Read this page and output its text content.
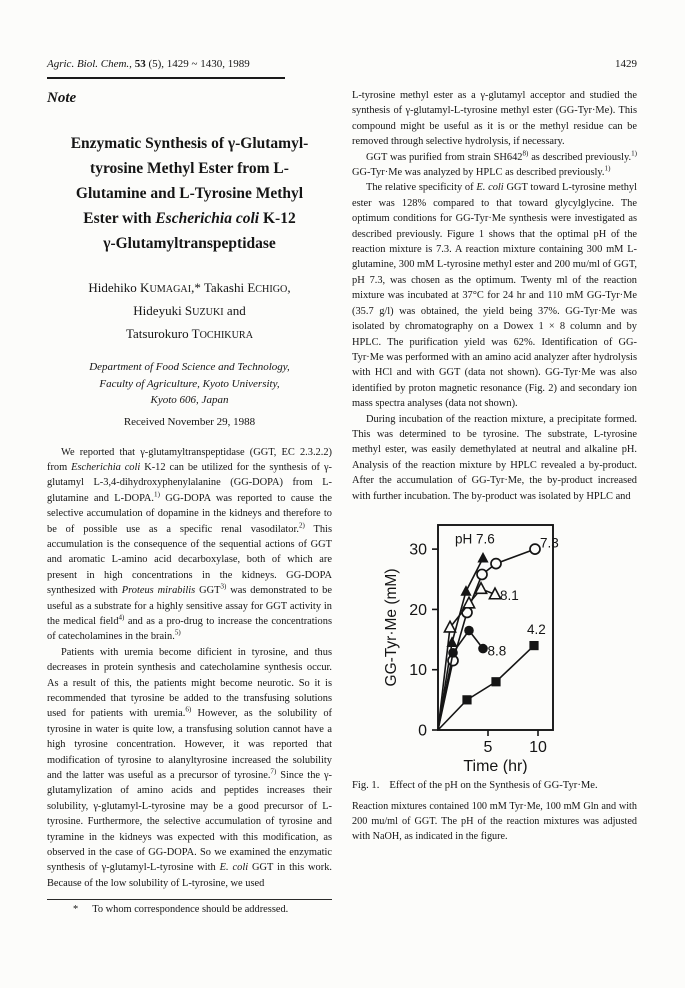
Agric. Biol. Chem., 53 (5), 1429 ~ 1430, 1989	1429
Note
Enzymatic Synthesis of γ-Glutamyl-
tyrosine Methyl Ester from L-
Glutamine and L-Tyrosine Methyl
Ester with Escherichia coli K-12
γ-Glutamyltranspeptidase
Hidehiko KUMAGAI,* Takashi ECHIGO,
Hideyuki SUZUKI and
Tatsurokuro TOCHIKURA
Department of Food Science and Technology,
Faculty of Agriculture, Kyoto University,
Kyoto 606, Japan
Received November 29, 1988

We reported that γ-glutamyltranspeptidase (GGT, EC 2.3.2.2) from Escherichia coli K-12 can be utilized for the synthesis of γ-glutamyl L-3,4-dihydroxyphenylalanine (GG-DOPA) from L-glutamine and L-DOPA.$^{1)}$ GG-DOPA was reported to cause the selective accumulation of dopamine in the kidneys and therefore to be of possible use as a specific renal vasodilator.$^{2)}$ This accumulation is the consequence of the sequential actions of GGT and aromatic L-amino acid decarboxylase, both of which are present in high concentrations in the kidneys. GG-DOPA synthesized with Proteus mirabilis GGT$^{3)}$ was demonstrated to be useful as a substrate for a highly sensitive assay for GGT activity in the medical field$^{4)}$ and as a pro-drug to increase the concentrations of catecholamines in the brain.$^{5)}$

Patients with uremia become dificient in tyrosine, and thus decreases in protein synthesis and catecholamine synthesis occur. As a result of this, the patients might become neurotic. So it is recommended that tyrosine be added to the transfusing solutions used for patients with uremia.$^{6)}$ However, as the solubility of tyrosine in water is quite low, a transfusing solution cannot have a high tyrosine concentration. However, it was reported that modification of tyrosine to alanyltyrosine increased the solubility and the latter was useful as a precursor of tyrosine.$^{7)}$ Since the γ-glutamylization of amino acids and peptides increases their solubility, γ-glutamyl-L-tyrosine may be a good precursor of L-tyrosine. Furthermore, the selective accumulation of tyrosine and tyramine in the kidneys was expected with this modification, as observed in the case of GG-DOPA. So we examined the enzymatic synthesis of γ-glutamyl-L-tyrosine with E. coli GGT in this work. Because of the low solubility of L-tyrosine, we used

* To whom correspondence should be addressed.

L-tyrosine methyl ester as a γ-glutamyl acceptor and studied the synthesis of γ-glutamyl-L-tyrosine methyl ester (GG-Tyr·Me). This compound might be useful as it is or the methyl residue can be removed through selective hydrolysis, if necessary.

GGT was purified from strain SH642$^{8)}$ as described previously.$^{1)}$ GG-Tyr·Me was analyzed by HPLC as described previously.$^{1)}$

The relative specificity of E. coli GGT toward L-tyrosine methyl ester was 128% compared to that toward glycylglycine. The optimum conditions for GG-Tyr·Me synthesis were investigated as described previously. Figure 1 shows that the optimal pH of the reaction mixture is 7.3. A reaction mixture containing 300 mM L-glutamine, 300 mM L-tyrosine methyl ester and 200 mu/ml of GGT, pH 7.3, was chosen as the optimum. Twenty ml of the reaction mixture was incubated at 37°C for 24 hr and 110 mM GG-Tyr·Me (35.7 g/l) was obtained, the yield being 37%. GG-Tyr·Me was isolated by chromatography on a Dowex 1 × 8 column and by HPLC. The purification yield was 62%. Identification of GG-Tyr·Me was performed with an amino acid analyzer after hydrolysis with HCl and with GGT (data not shown). GG-Tyr·Me was also identified by proton magnetic resonance (Fig. 2) and secondary ion mass spectra analyses (data not shown).

During incubation of the reaction mixture, a precipitate formed. This was determined to be tyrosine. The substrate, L-tyrosine methyl ester, was easily demethylated at neutral and alkaline pH. Analysis of the reaction mixture by HPLC revealed a by-product. After the accumulation of GG-Tyr·Me, the by-product increased with further incubation. The by-product was isolated by HPLC and

0
10
20
30
5 10
pH 7.6	7.3
8.1
8.8
4.2
GG-Tyr·Me (mM)
Time (hr)
Fig. 1. Effect of the pH on the Synthesis of GG-Tyr·Me.
Reaction mixtures contained 100 mM Tyr·Me, 100 mM Gln and with 200 mu/ml of GGT. The pH of the reaction mixtures was adjusted with NaOH, as indicated in the figure.
